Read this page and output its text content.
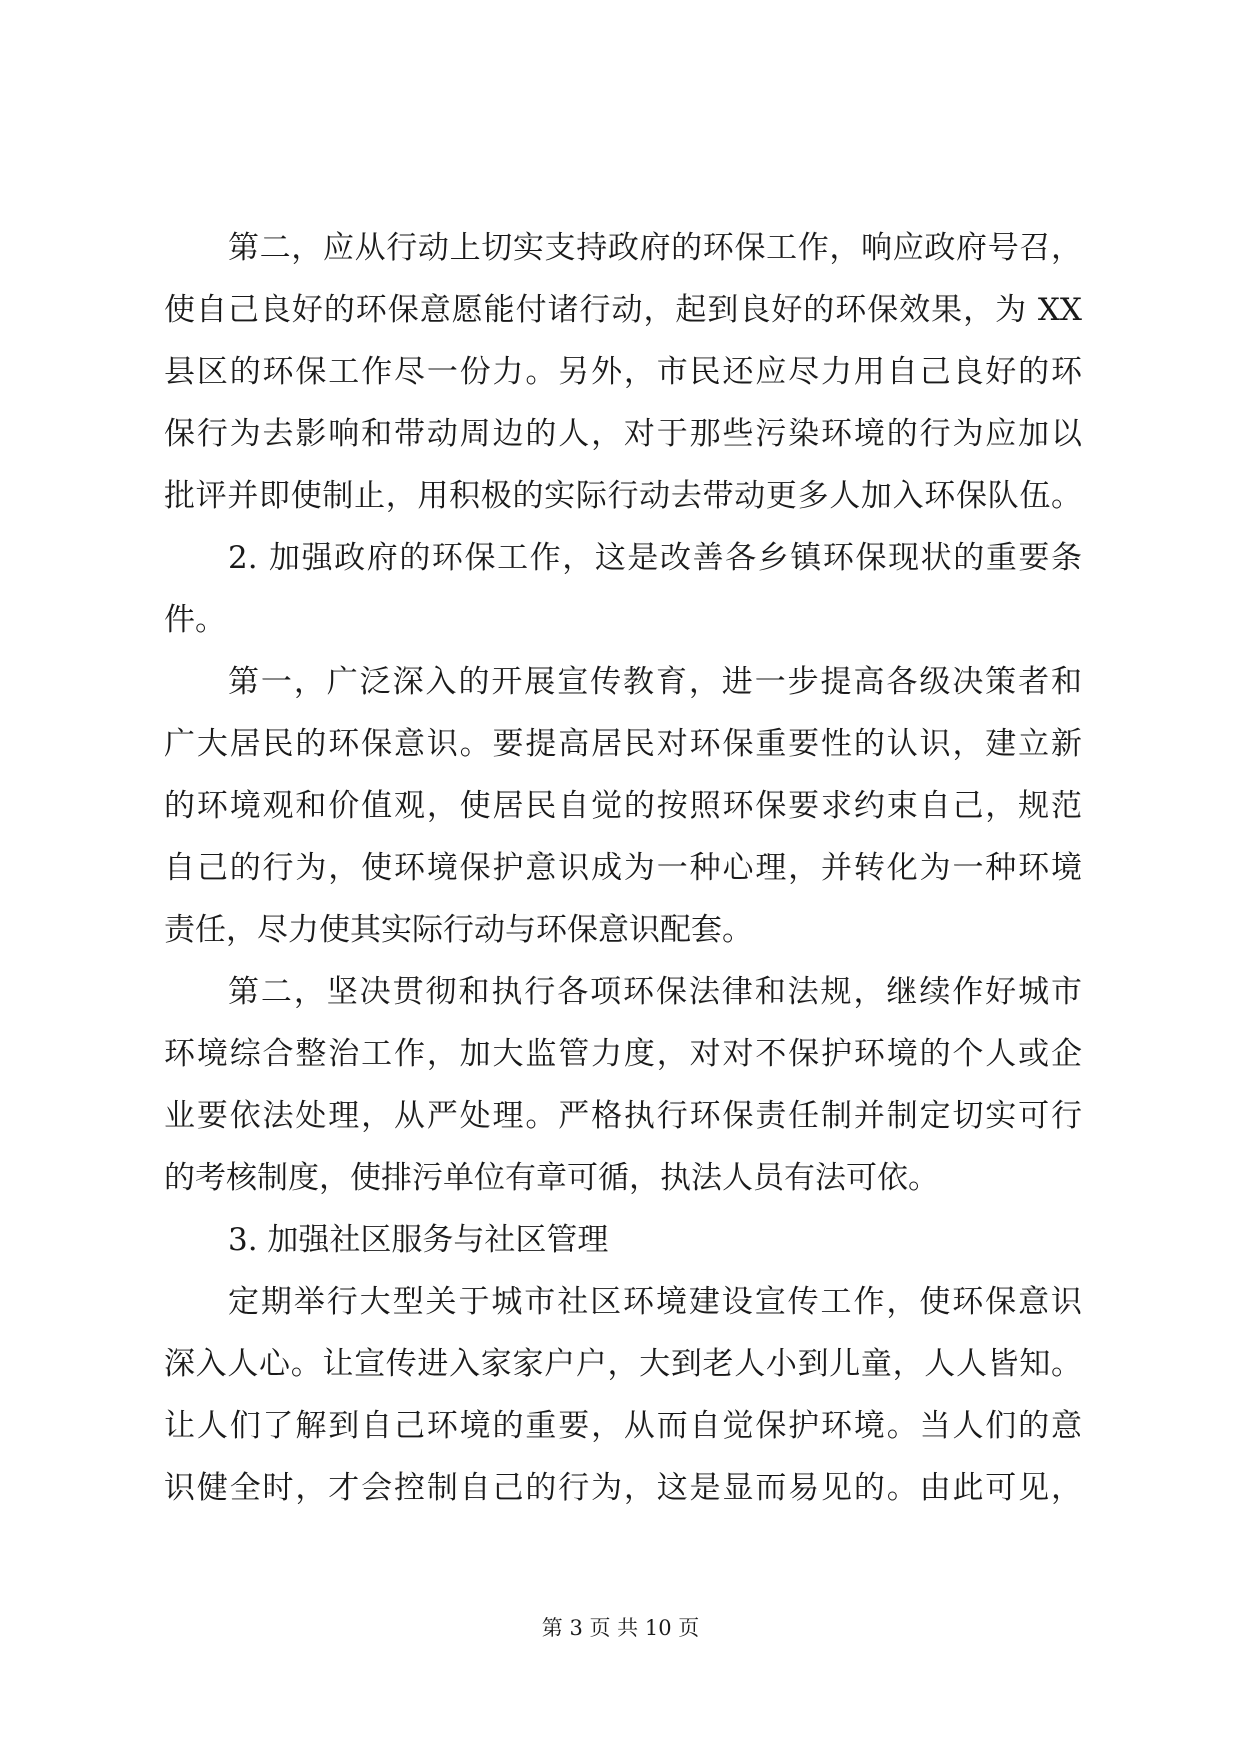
第二，应从行动上切实支持政府的环保工作，响应政府号召，
使自己良好的环保意愿能付诸行动，起到良好的环保效果，为 XX
县区的环保工作尽一份力。另外，市民还应尽力用自己良好的环
保行为去影响和带动周边的人，对于那些污染环境的行为应加以
批评并即使制止，用积极的实际行动去带动更多人加入环保队伍。
2. 加强政府的环保工作，这是改善各乡镇环保现状的重要条
件。
第一，广泛深入的开展宣传教育，进一步提高各级决策者和
广大居民的环保意识。要提高居民对环保重要性的认识，建立新
的环境观和价值观，使居民自觉的按照环保要求约束自己，规范
自己的行为，使环境保护意识成为一种心理，并转化为一种环境
责任，尽力使其实际行动与环保意识配套。
第二，坚决贯彻和执行各项环保法律和法规，继续作好城市
环境综合整治工作，加大监管力度，对对不保护环境的个人或企
业要依法处理，从严处理。严格执行环保责任制并制定切实可行
的考核制度，使排污单位有章可循，执法人员有法可依。
3. 加强社区服务与社区管理
定期举行大型关于城市社区环境建设宣传工作，使环保意识
深入人心。让宣传进入家家户户，大到老人小到儿童，人人皆知。
让人们了解到自己环境的重要，从而自觉保护环境。当人们的意
识健全时，才会控制自己的行为，这是显而易见的。由此可见，
第 3 页 共 10 页
